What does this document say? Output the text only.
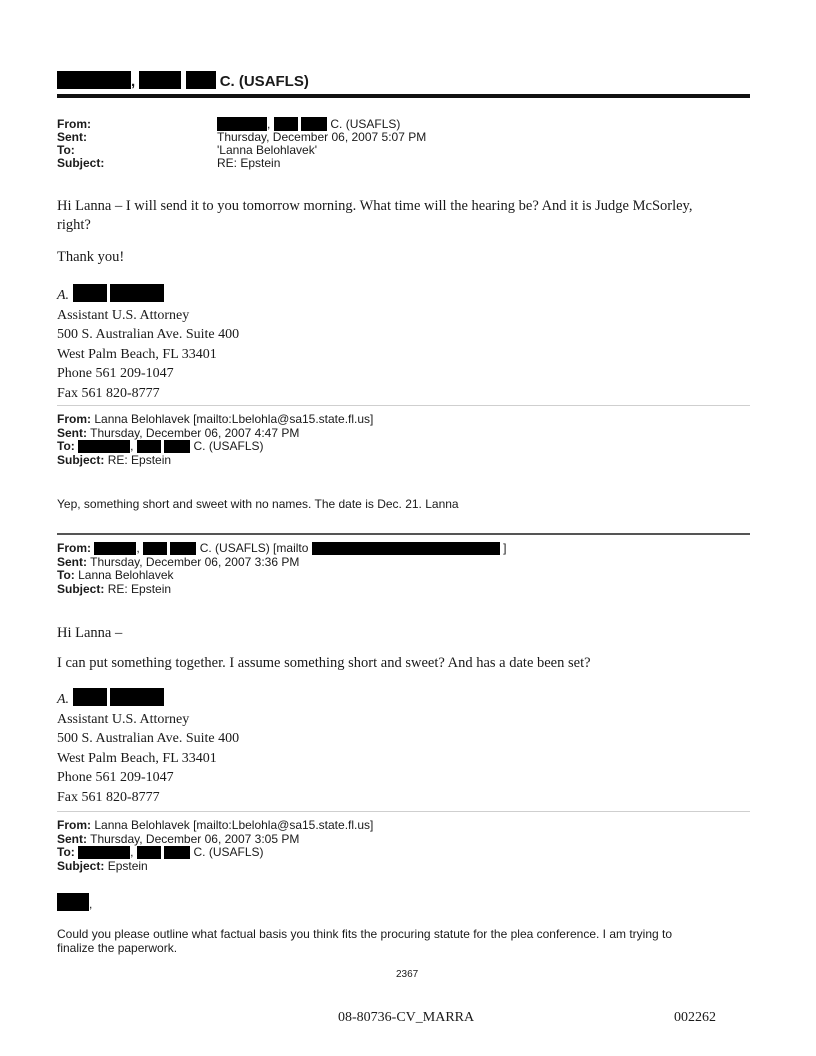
,	C. (USAFLS)
From:	,	C. (USAFLS)
Sent:	Thursday, December 06, 2007 5:07 PM
To:	'Lanna Belohlavek'
Subject:	RE: Epstein
Hi Lanna – I will send it to you tomorrow morning. What time will the hearing be? And it is Judge McSorley,
right?
Thank you!
A.
Assistant U.S. Attorney
500 S. Australian Ave. Suite 400
West Palm Beach, FL 33401
Phone 561 209-1047
Fax 561 820-8777
From: Lanna Belohlavek [mailto:Lbelohla@sa15.state.fl.us]
Sent: Thursday, December 06, 2007 4:47 PM
To:	,	C. (USAFLS)
Subject: RE: Epstein
Yep, something short and sweet with no names. The date is Dec. 21. Lanna
From:	,	C. (USAFLS) [mailto	]
Sent: Thursday, December 06, 2007 3:36 PM
To: Lanna Belohlavek
Subject: RE: Epstein
Hi Lanna –
I can put something together. I assume something short and sweet? And has a date been set?
A.
Assistant U.S. Attorney
500 S. Australian Ave. Suite 400
West Palm Beach, FL 33401
Phone 561 209-1047
Fax 561 820-8777
From: Lanna Belohlavek [mailto:Lbelohla@sa15.state.fl.us]
Sent: Thursday, December 06, 2007 3:05 PM
To:	,	C. (USAFLS)
Subject: Epstein
,
Could you please outline what factual basis you think fits the procuring statute for the plea conference. I am trying to
finalize the paperwork.
2367
08-80736-CV_MARRA	002262
